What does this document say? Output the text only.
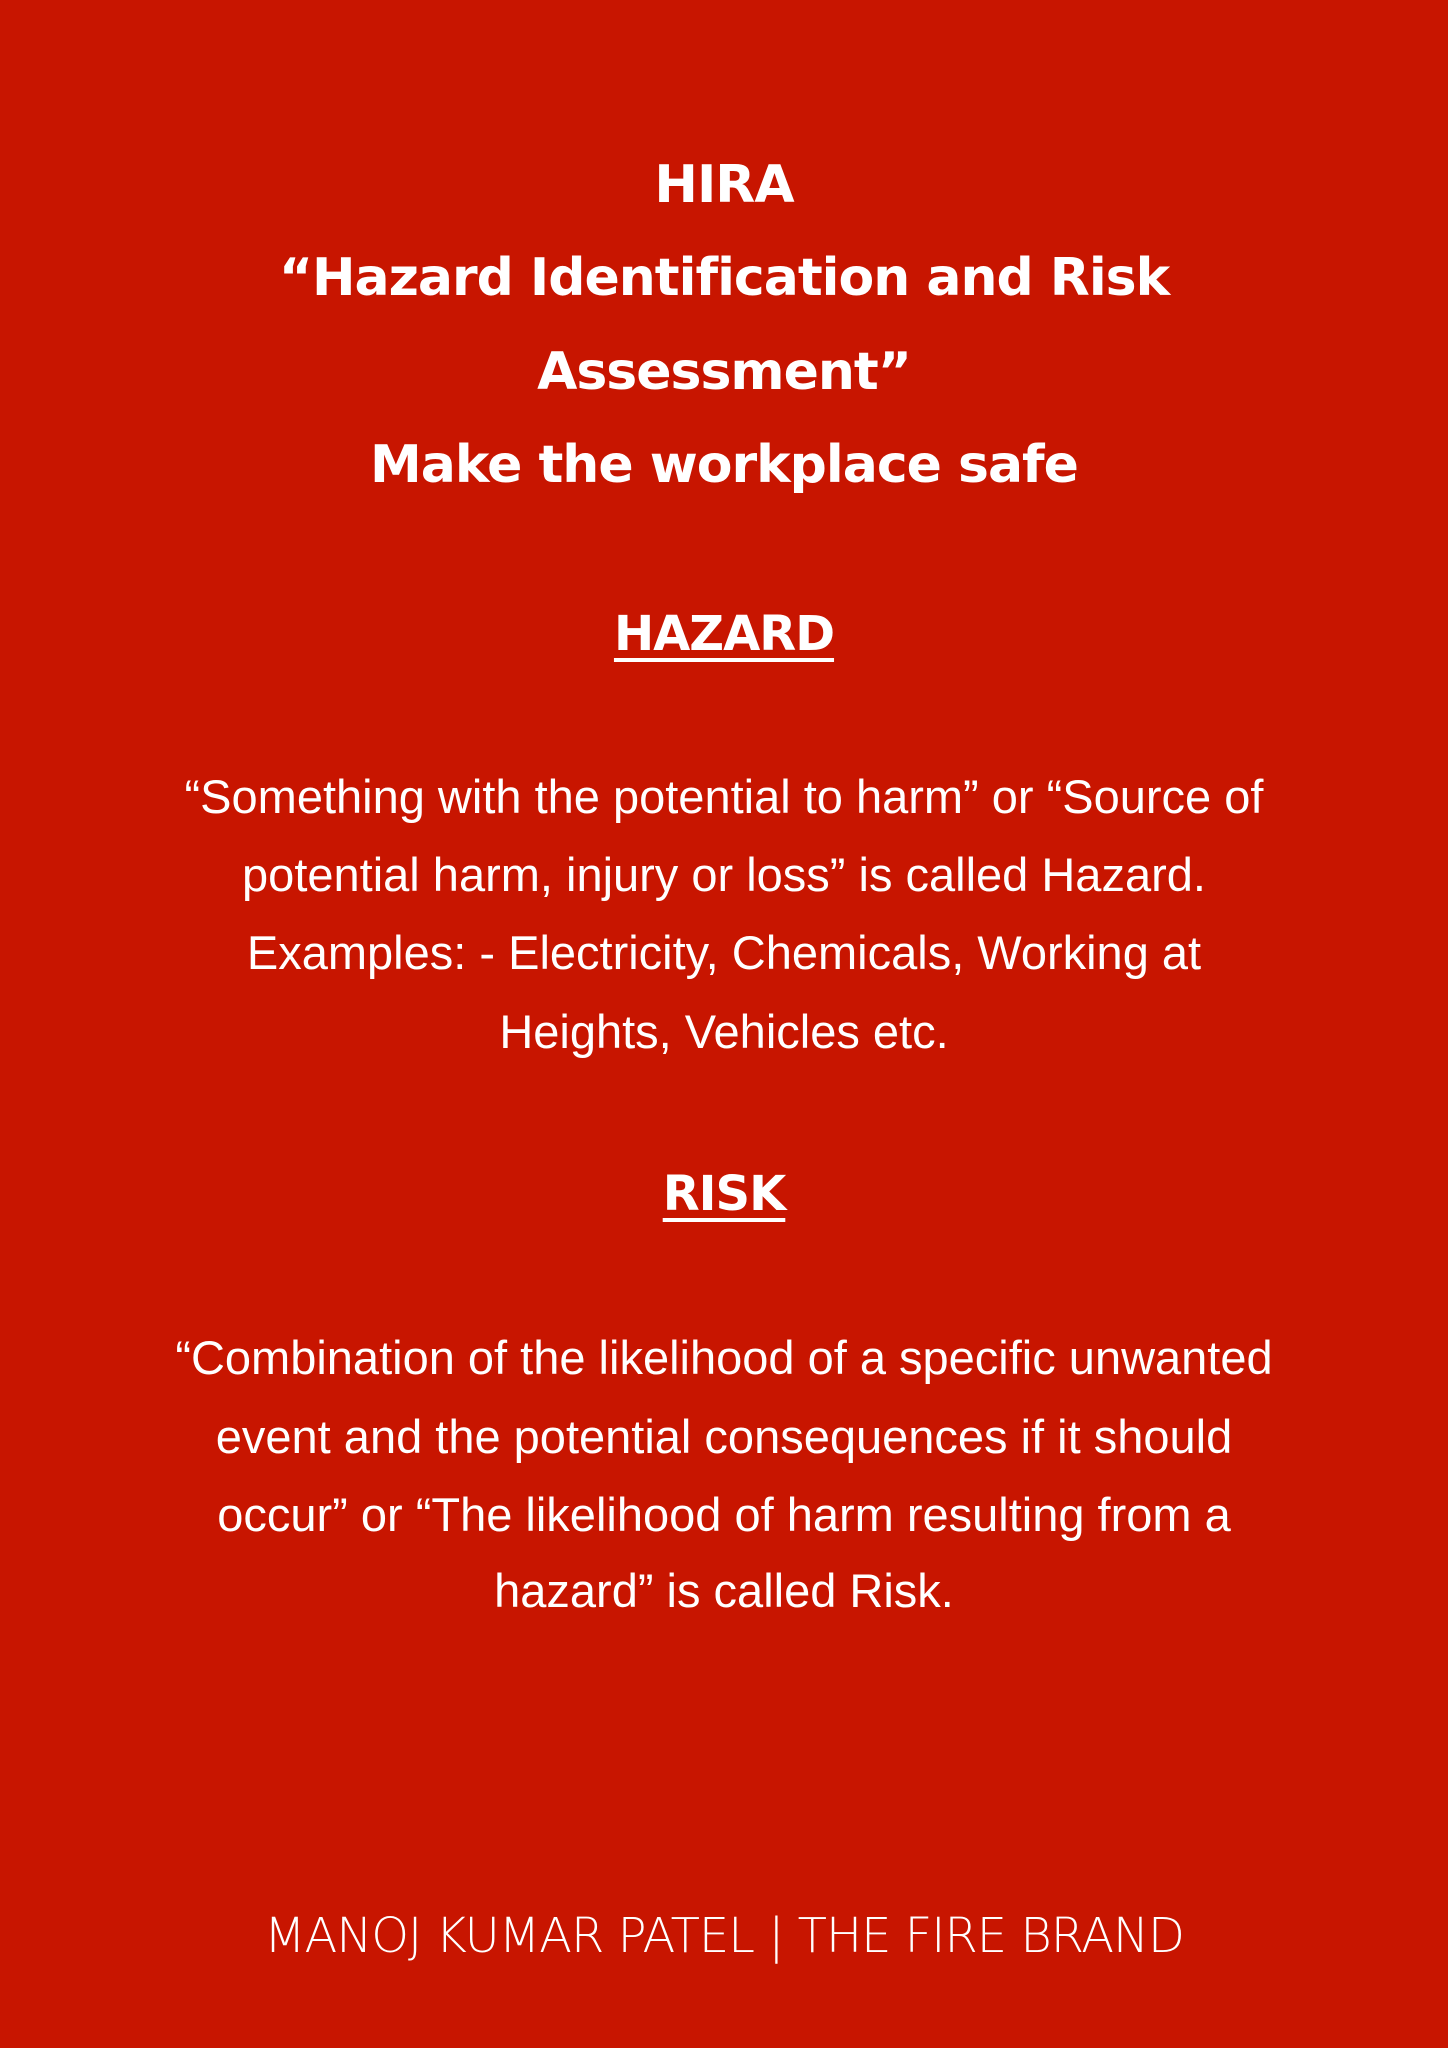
HIRA
“Hazard Identification and Risk
Assessment”
Make the workplace safe
HAZARD
“Something with the potential to harm” or “Source of
potential harm, injury or loss” is called Hazard.
Examples: - Electricity, Chemicals, Working at
Heights, Vehicles etc.
RISK
“Combination of the likelihood of a specific unwanted
event and the potential consequences if it should
occur” or “The likelihood of harm resulting from a
hazard” is called Risk.
MANOJ KUMAR PATEL | THE FIRE BRAND
